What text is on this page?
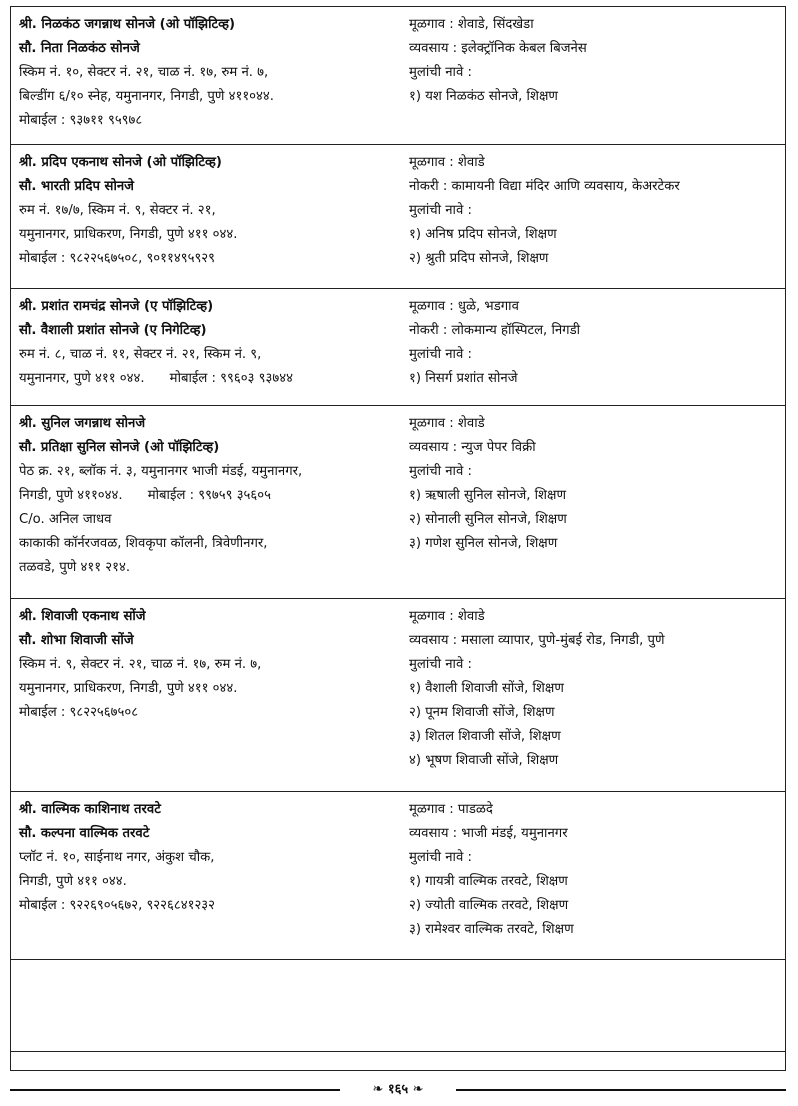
श्री. निळकंठ जगन्नाथ सोनजे (ओ पॉझिटिव्ह)
सौ. निता निळकंठ सोनजे
स्किम नं. १०, सेक्टर नं. २१, चाळ नं. १७, रुम नं. ७,
बिल्डींग ६/१० स्नेह, यमुनानगर, निगडी, पुणे ४११०४४.
मोबाईल : ९३७११ ९५९७८
मूळगाव : शेवाडे, सिंदखेडा
व्यवसाय : इलेक्ट्रॉनिक केबल बिजनेस
मुलांची नावे :
१) यश निळकंठ सोनजे, शिक्षण
श्री. प्रदिप एकनाथ सोनजे (ओ पॉझिटिव्ह)
सौ. भारती प्रदिप सोनजे
रुम नं. १७/७, स्किम नं. ९, सेक्टर नं. २१,
यमुनानगर, प्राधिकरण, निगडी, पुणे ४११ ०४४.
मोबाईल : ९८२२५६७५०८, ९०११४९५९२९
मूळगाव : शेवाडे
नोकरी : कामायनी विद्या मंदिर आणि व्यवसाय, केअरटेकर
मुलांची नावे :
१) अनिष प्रदिप सोनजे, शिक्षण
२) श्रुती प्रदिप सोनजे, शिक्षण
श्री. प्रशांत रामचंद्र सोनजे (ए पॉझिटिव्ह)
सौ. वैशाली प्रशांत सोनजे (ए निगेटिव्ह)
रुम नं. ८, चाळ नं. ११, सेक्टर नं. २१, स्किम नं. ९,
यमुनानगर, पुणे ४११ ०४४.      मोबाईल : ९९६०३ ९३७४४
मूळगाव : धुळे, भडगाव
नोकरी : लोकमान्य हॉस्पिटल, निगडी
मुलांची नावे :
१) निसर्ग प्रशांत सोनजे
श्री. सुनिल जगन्नाथ सोनजे
सौ. प्रतिक्षा सुनिल सोनजे (ओ पॉझिटिव्ह)
पेठ क्र. २१, ब्लॉक नं. ३, यमुनानगर भाजी मंडई, यमुनानगर,
निगडी, पुणे ४११०४४.      मोबाईल : ९९७५९ ३५६०५
C/o. अनिल जाधव
काकाकी कॉर्नरजवळ, शिवकृपा कॉलनी, त्रिवेणीनगर,
तळवडे, पुणे ४११ २१४.
मूळगाव : शेवाडे
व्यवसाय : न्युज पेपर विक्री
मुलांची नावे :
१) ऋषाली सुनिल सोनजे, शिक्षण
२) सोनाली सुनिल सोनजे, शिक्षण
३) गणेश सुनिल सोनजे, शिक्षण
श्री. शिवाजी एकनाथ सोंजे
सौ. शोभा शिवाजी सोंजे
स्किम नं. ९, सेक्टर नं. २१, चाळ नं. १७, रुम नं. ७,
यमुनानगर, प्राधिकरण, निगडी, पुणे ४११ ०४४.
मोबाईल : ९८२२५६७५०८
मूळगाव : शेवाडे
व्यवसाय : मसाला व्यापार, पुणे-मुंबई रोड, निगडी, पुणे
मुलांची नावे :
१) वैशाली शिवाजी सोंजे, शिक्षण
२) पूनम शिवाजी सोंजे, शिक्षण
३) शितल शिवाजी सोंजे, शिक्षण
४) भूषण शिवाजी सोंजे, शिक्षण
श्री. वाल्मिक काशिनाथ तरवटे
सौ. कल्पना वाल्मिक तरवटे
प्लॉट नं. १०, साईनाथ नगर, अंकुश चौक,
निगडी, पुणे ४११ ०४४.
मोबाईल : ९२२६९०५६७२, ९२२६८४१२३२
मूळगाव : पाडळदे
व्यवसाय : भाजी मंडई, यमुनानगर
मुलांची नावे :
१) गायत्री वाल्मिक तरवटे, शिक्षण
२) ज्योती वाल्मिक तरवटे, शिक्षण
३) रामेश्वर वाल्मिक तरवटे, शिक्षण
❧ १६५ ❧
